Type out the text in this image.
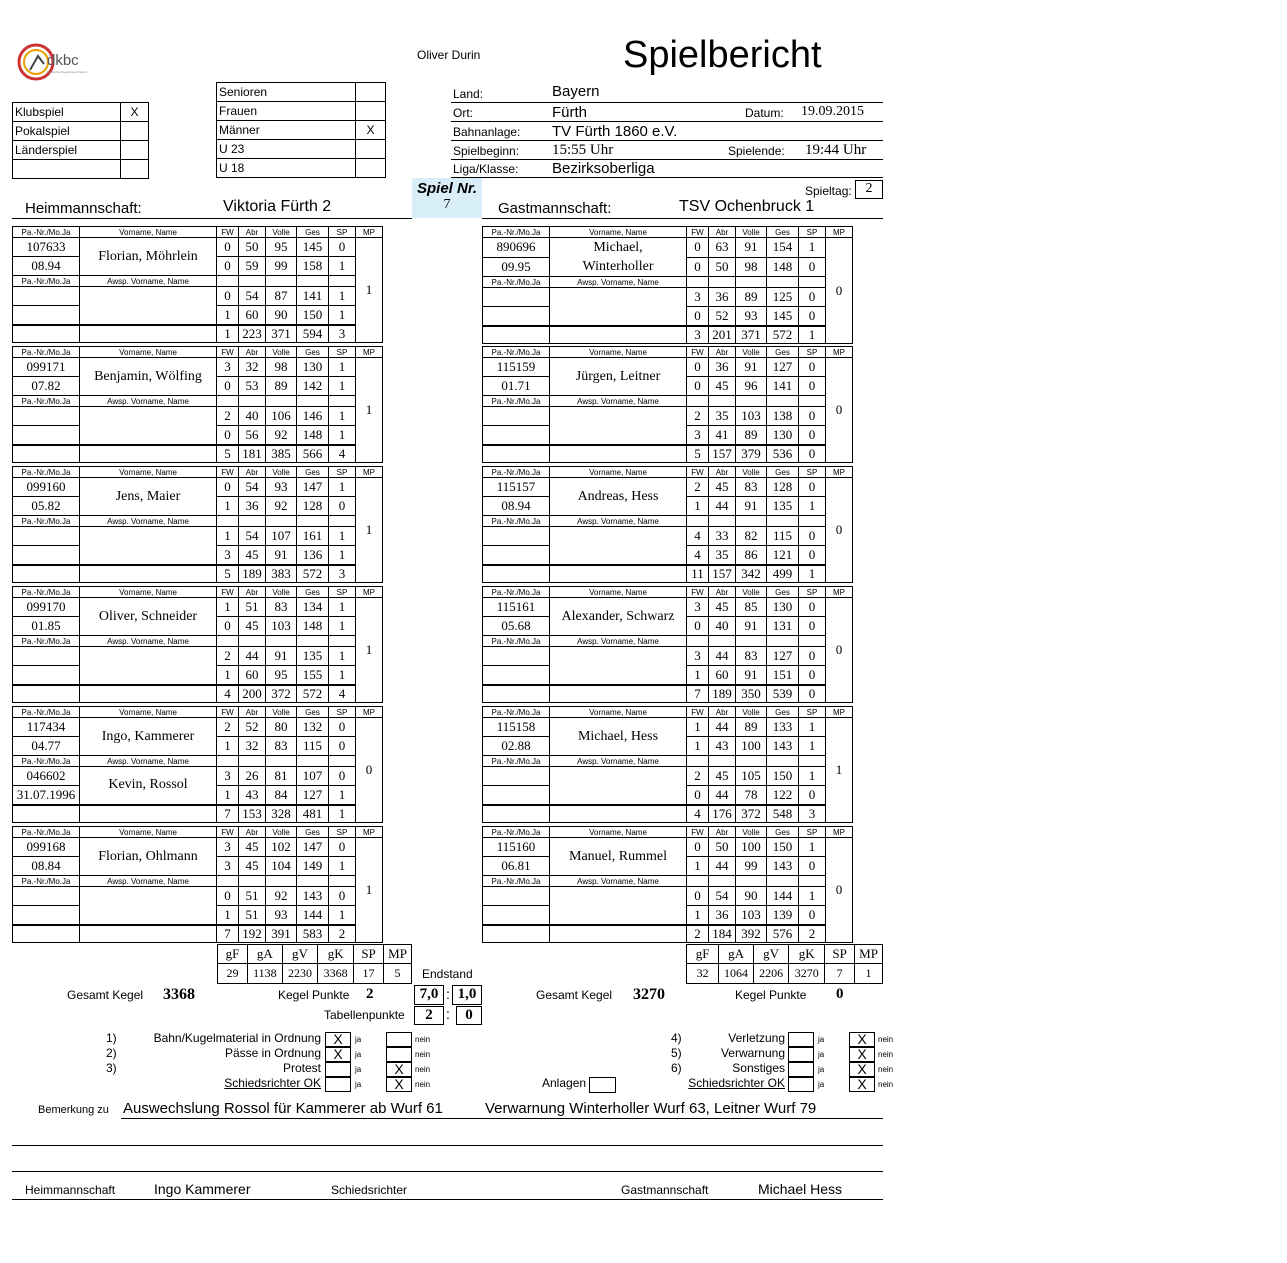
dkbc
Deutscher Keglerbund Classic
Oliver Durin	Spielbericht
Klubspiel	X
Pokalspiel	
Länderspiel	

Senioren	
Frauen	
Männer	X
U 23	
U 18	
Land:	Bayern
Ort:	Fürth	Datum: 19.09.2015
Bahnanlage: TV Fürth 1860 e.V.
Spielbeginn: 15:55 Uhr	Spielende: 19:44 Uhr
Liga/Klasse: Bezirksoberliga
Spieltag: 2
Spiel Nr.
7
Heimmannschaft:	Viktoria Fürth 2	Gastmannschaft:	TSV Ochenbruck 1
Pa.-Nr./Mo.Ja	Vorname, Name	FW	Abr	Volle	Ges	SP	MP
107633	Florian, Möhrlein	0	50	95	145	0	1
08.94		0	59	99	158	1	
Pa.-Nr./Mo.Ja	Awsp. Vorname, Name						
		0	54	87	141	1	
		1	60	90	150	1	
		1	223	371	594	3	
Pa.-Nr./Mo.Ja	Vorname, Name	FW	Abr	Volle	Ges	SP	MP
099171	Benjamin, Wölfing	3	32	98	130	1	1
07.82		0	53	89	142	1	
Pa.-Nr./Mo.Ja	Awsp. Vorname, Name						
		2	40	106	146	1	
		0	56	92	148	1	
		5	181	385	566	4	
Pa.-Nr./Mo.Ja	Vorname, Name	FW	Abr	Volle	Ges	SP	MP
099160	Jens, Maier	0	54	93	147	1	1
05.82		1	36	92	128	0	
Pa.-Nr./Mo.Ja	Awsp. Vorname, Name						
		1	54	107	161	1	
		3	45	91	136	1	
		5	189	383	572	3	
Pa.-Nr./Mo.Ja	Vorname, Name	FW	Abr	Volle	Ges	SP	MP
099170	Oliver, Schneider	1	51	83	134	1	1
01.85		0	45	103	148	1	
Pa.-Nr./Mo.Ja	Awsp. Vorname, Name						
		2	44	91	135	1	
		1	60	95	155	1	
		4	200	372	572	4	
Pa.-Nr./Mo.Ja	Vorname, Name	FW	Abr	Volle	Ges	SP	MP
117434	Ingo, Kammerer	2	52	80	132	0	0
04.77		1	32	83	115	0	
Pa.-Nr./Mo.Ja	Awsp. Vorname, Name						
046602	Kevin, Rossol	3	26	81	107	0	
31.07.1996		1	43	84	127	1	
		7	153	328	481	1	
Pa.-Nr./Mo.Ja	Vorname, Name	FW	Abr	Volle	Ges	SP	MP
099168	Florian, Ohlmann	3	45	102	147	0	1
08.84		3	45	104	149	1	
Pa.-Nr./Mo.Ja	Awsp. Vorname, Name						
		0	51	92	143	0	
		1	51	93	144	1	
		7	192	391	583	2	
Pa.-Nr./Mo.Ja	Vorname, Name	FW	Abr	Volle	Ges	SP	MP
890696	Michael,
Winterholler	0	63	91	154	1	0
09.95		0	50	98	148	0	
Pa.-Nr./Mo.Ja	Awsp. Vorname, Name						
		3	36	89	125	0	
		0	52	93	145	0	
		3	201	371	572	1	
Pa.-Nr./Mo.Ja	Vorname, Name	FW	Abr	Volle	Ges	SP	MP
115159	Jürgen, Leitner	0	36	91	127	0	0
01.71		0	45	96	141	0	
Pa.-Nr./Mo.Ja	Awsp. Vorname, Name						
		2	35	103	138	0	
		3	41	89	130	0	
		5	157	379	536	0	
Pa.-Nr./Mo.Ja	Vorname, Name	FW	Abr	Volle	Ges	SP	MP
115157	Andreas, Hess	2	45	83	128	0	0
08.94		1	44	91	135	1	
Pa.-Nr./Mo.Ja	Awsp. Vorname, Name						
		4	33	82	115	0	
		4	35	86	121	0	
		11	157	342	499	1	
Pa.-Nr./Mo.Ja	Vorname, Name	FW	Abr	Volle	Ges	SP	MP
115161	Alexander, Schwarz	3	45	85	130	0	0
05.68		0	40	91	131	0	
Pa.-Nr./Mo.Ja	Awsp. Vorname, Name						
		3	44	83	127	0	
		1	60	91	151	0	
		7	189	350	539	0	
Pa.-Nr./Mo.Ja	Vorname, Name	FW	Abr	Volle	Ges	SP	MP
115158	Michael, Hess	1	44	89	133	1	1
02.88		1	43	100	143	1	
Pa.-Nr./Mo.Ja	Awsp. Vorname, Name						
		2	45	105	150	1	
		0	44	78	122	0	
		4	176	372	548	3	
Pa.-Nr./Mo.Ja	Vorname, Name	FW	Abr	Volle	Ges	SP	MP
115160	Manuel, Rummel	0	50	100	150	1	0
06.81		1	44	99	143	0	
Pa.-Nr./Mo.Ja	Awsp. Vorname, Name						
		0	54	90	144	1	
		1	36	103	139	0	
		2	184	392	576	2	
gF	gA	gV	gK	SP	MP
29	1138	2230	3368	17	5
gF	gA	gV	gK	SP	MP
32	1064	2206	3270	7	1
Endstand
Gesamt Kegel 3368	Kegel Punkte 2	7,0 : 1,0	Gesamt Kegel 3270	Kegel Punkte 0
Tabellenpunkte	2 :	0
1)	Bahn/Kugelmaterial in Ordnung X	ja	nein
2)	Pässe in Ordnung X	ja	nein
3)	Protest	ja	X	nein
Schiedsrichter OK	ja	X	nein
4)	Verletzung	ja	X	nein
5)	Verwarnung	ja	X	nein
6)	Sonstiges	ja	X	nein
Schiedsrichter OK	ja	X	nein
Anlagen
Bemerkung zu Auswechslung Rossol für Kammerer ab Wurf 61	Verwarnung Winterholler Wurf 63, Leitner Wurf 79
Heimmannschaft	Ingo Kammerer	Schiedsrichter	Gastmannschaft	Michael Hess
